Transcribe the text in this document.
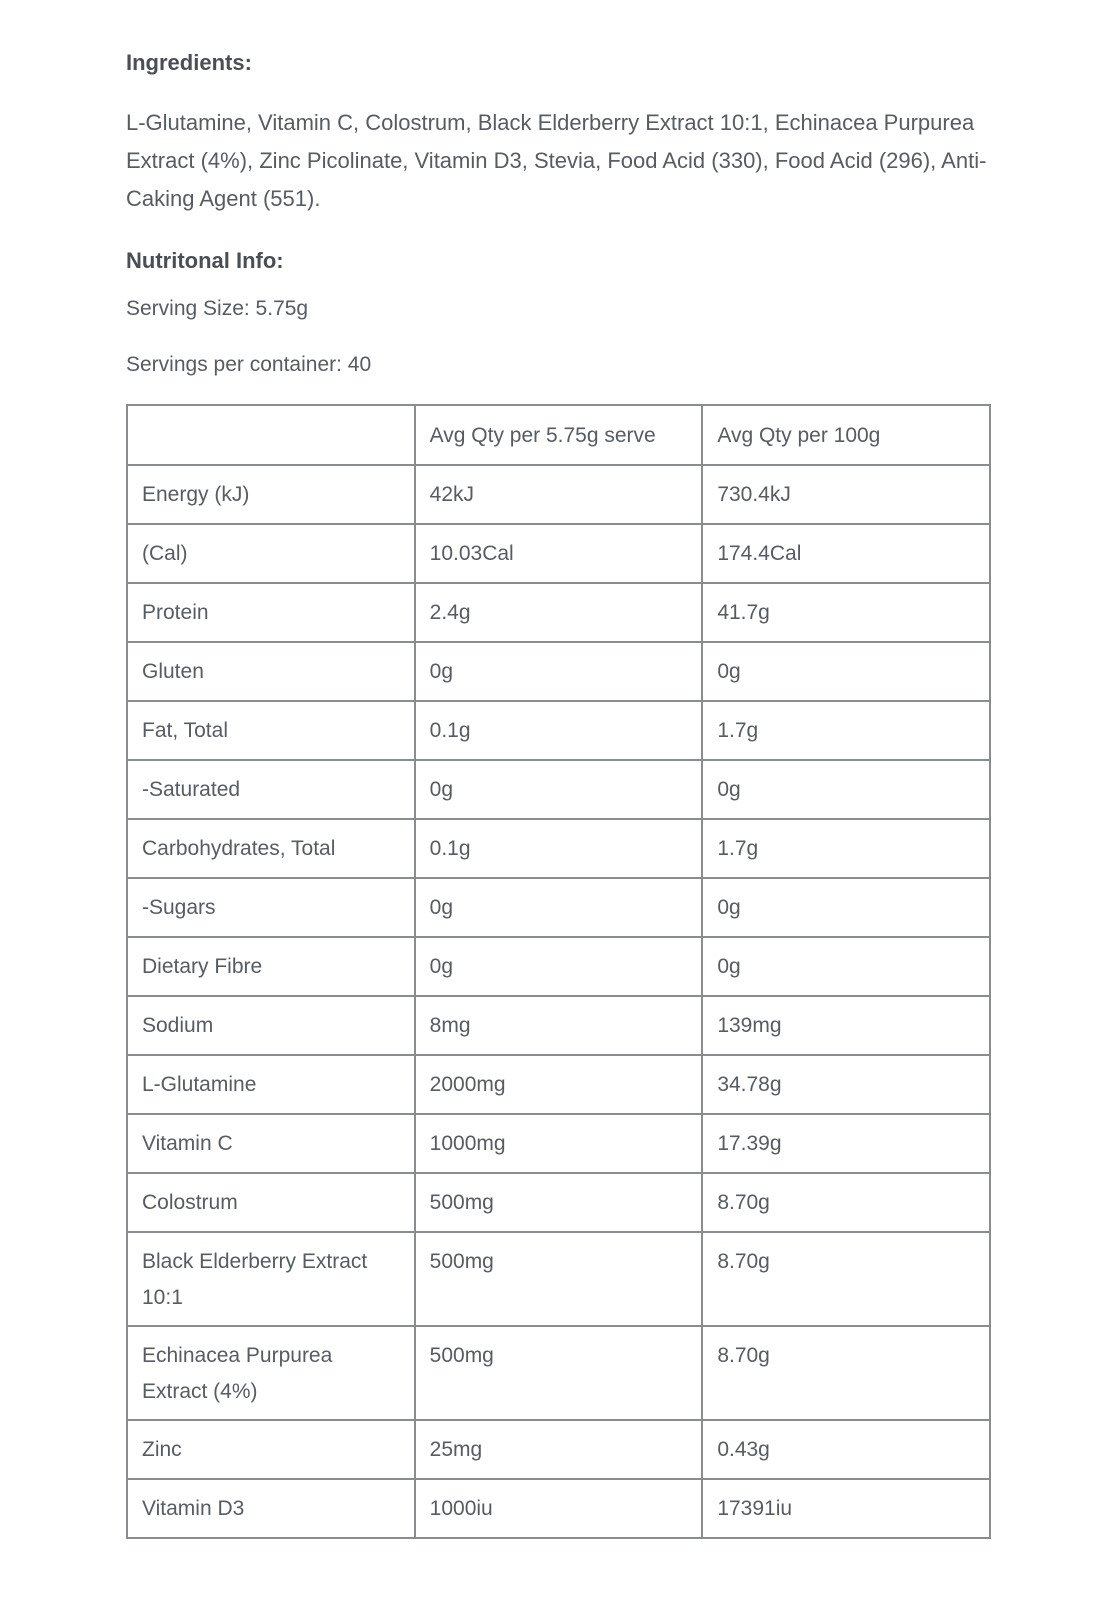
Ingredients:

L-Glutamine, Vitamin C, Colostrum, Black Elderberry Extract 10:1, Echinacea Purpurea Extract (4%), Zinc Picolinate, Vitamin D3, Stevia, Food Acid (330), Food Acid (296), Anti-Caking Agent (551).

Nutritonal Info:

Serving Size: 5.75g

Servings per container: 40

	Avg Qty per 5.75g serve	Avg Qty per 100g
Energy (kJ)	42kJ	730.4kJ
(Cal)	10.03Cal	174.4Cal
Protein	2.4g	41.7g
Gluten	0g	0g
Fat, Total	0.1g	1.7g
-Saturated	0g	0g
Carbohydrates, Total	0.1g	1.7g
-Sugars	0g	0g
Dietary Fibre	0g	0g
Sodium	8mg	139mg
L-Glutamine	2000mg	34.78g
Vitamin C	1000mg	17.39g
Colostrum	500mg	8.70g
Black Elderberry Extract 10:1	500mg	8.70g
Echinacea Purpurea Extract (4%)	500mg	8.70g
Zinc	25mg	0.43g
Vitamin D3	1000iu	17391iu
